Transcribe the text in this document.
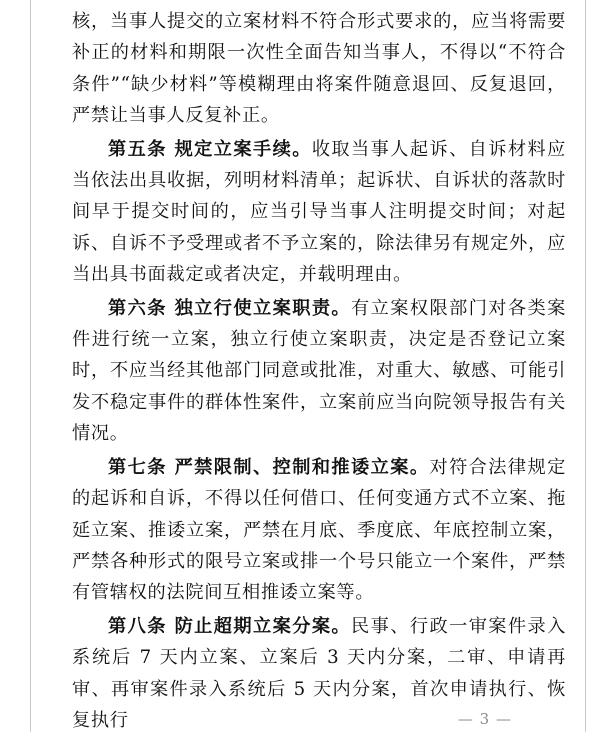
核，当事人提交的立案材料不符合形式要求的，应当将需要补正的材料和期限一次性全面告知当事人，不得以“不符合条件”“缺少材料”等模糊理由将案件随意退回、反复退回，严禁让当事人反复补正。

第五条 规定立案手续。收取当事人起诉、自诉材料应当依法出具收据，列明材料清单；起诉状、自诉状的落款时间早于提交时间的，应当引导当事人注明提交时间；对起诉、自诉不予受理或者不予立案的，除法律另有规定外，应当出具书面裁定或者决定，并载明理由。

第六条 独立行使立案职责。有立案权限部门对各类案件进行统一立案，独立行使立案职责，决定是否登记立案时，不应当经其他部门同意或批准，对重大、敏感、可能引发不稳定事件的群体性案件，立案前应当向院领导报告有关情况。

第七条 严禁限制、控制和推诿立案。对符合法律规定的起诉和自诉，不得以任何借口、任何变通方式不立案、拖延立案、推诿立案，严禁在月底、季度底、年底控制立案，严禁各种形式的限号立案或排一个号只能立一个案件，严禁有管辖权的法院间互相推诿立案等。

第八条 防止超期立案分案。民事、行政一审案件录入系统后 7 天内立案、立案后 3 天内分案，二审、申请再审、再审案件录入系统后 5 天内分案，首次申请执行、恢复执行	— 3 —
